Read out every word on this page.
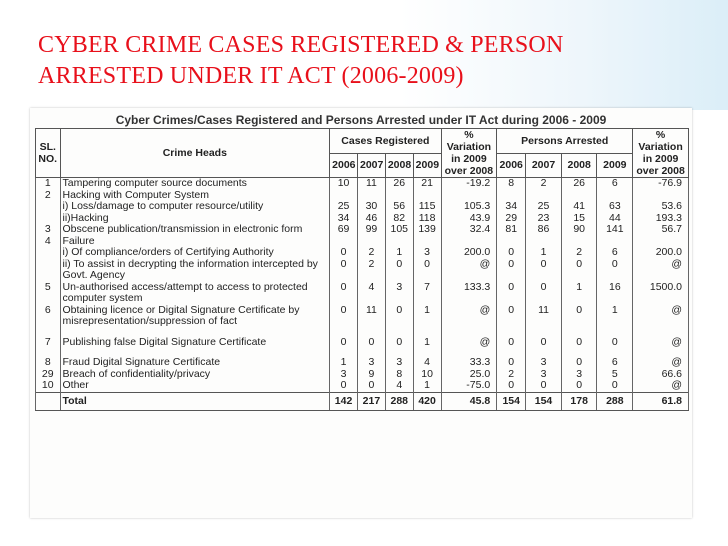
CYBER CRIME CASES REGISTERED & PERSON
ARRESTED UNDER IT ACT (2006-2009)
Cyber Crimes/Cases Registered and Persons Arrested under IT Act during 2006 - 2009
SL. NO.	Crime Heads	Cases Registered				% Variation in 2009 over 2008	Persons Arrested				% Variation in 2009 over 2008
		2006	2007	2008	2009		2006	2007	2008	2009	
1	Tampering computer source documents	10	11	26	21	-19.2	8	2	26	6	-76.9
2	Hacking with Computer System										
	i) Loss/damage to computer resource/utility	25	30	56	115	105.3	34	25	41	63	53.6
	ii)Hacking	34	46	82	118	43.9	29	23	15	44	193.3
3	Obscene publication/transmission in electronic form	69	99	105	139	32.4	81	86	90	141	56.7
4	Failure										
	i) Of compliance/orders of Certifying Authority	0	2	1	3	200.0	0	1	2	6	200.0
	ii) To assist in decrypting the information intercepted by Govt. Agency	0	2	0	0	@	0	0	0	0	@
5	Un-authorised access/attempt to access to protected computer system	0	4	3	7	133.3	0	0	1	16	1500.0
6	Obtaining licence or Digital Signature Certificate by misrepresentation/suppression of fact	0	11	0	1	@	0	11	0	1	@

7	Publishing false Digital Signature Certificate	0	0	0	1	@	0	0	0	0	@

8	Fraud Digital Signature Certificate	1	3	3	4	33.3	0	3	0	6	@
29	Breach of confidentiality/privacy	3	9	8	10	25.0	2	3	3	5	66.6
10	Other	0	0	4	1	-75.0	0	0	0	0	@
	Total	142	217	288	420	45.8	154	154	178	288	61.8
